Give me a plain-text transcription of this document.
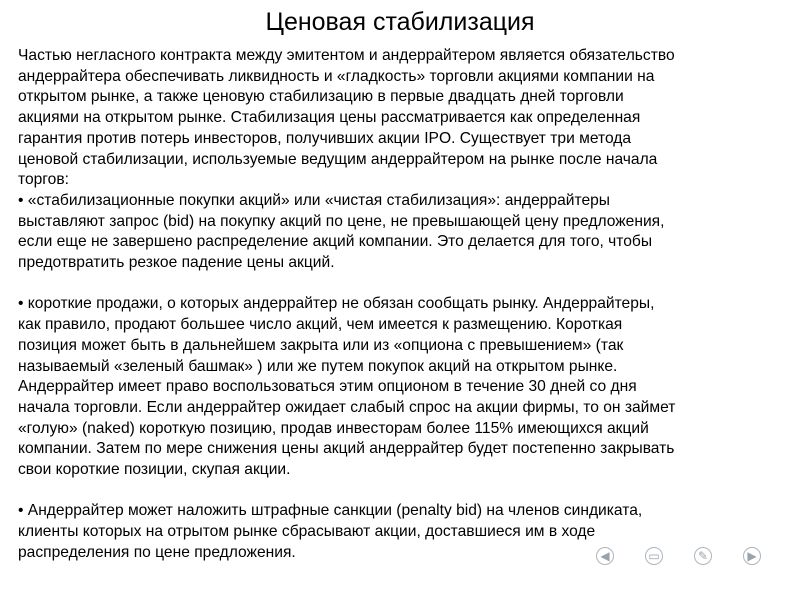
Ценовая стабилизация
Частью негласного контракта между эмитентом и андеррайтером является обязательство
андеррайтера обеспечивать ликвидность и «гладкость» торговли акциями компании на
открытом рынке, а также ценовую стабилизацию в первые двадцать дней торговли
акциями на открытом рынке. Стабилизация цены рассматривается как определенная
гарантия против потерь инвесторов, получивших акции IPO. Существует три метода
ценовой стабилизации, используемые ведущим андеррайтером на рынке после начала
торгов:
• «стабилизационные покупки акций» или «чистая стабилизация»: андеррайтеры
выставляют запрос (bid) на покупку акций по цене, не превышающей цену предложения,
если еще не завершено распределение акций компании. Это делается для того, чтобы
предотвратить резкое падение цены акций.
• короткие продажи, о которых андеррайтер не обязан сообщать рынку. Андеррайтеры,
как правило, продают большее число акций, чем имеется к размещению. Короткая
позиция может быть в дальнейшем закрыта или из «опциона с превышением» (так
называемый «зеленый башмак» ) или же путем покупок акций на открытом рынке.
Андеррайтер имеет право воспользоваться этим опционом в течение 30 дней со дня
начала торговли. Если андеррайтер ожидает слабый спрос на акции фирмы, то он займет
«голую» (naked) короткую позицию, продав инвесторам более 115% имеющихся акций
компании. Затем по мере снижения цены акций андеррайтер будет постепенно закрывать
свои короткие позиции, скупая акции.
• Андеррайтер может наложить штрафные санкции (penalty bid) на членов синдиката,
клиенты которых на отрытом рынке сбрасывают акции, доставшиеся им в ходе
распределения по цене предложения.	◀	▭	✎	▶
